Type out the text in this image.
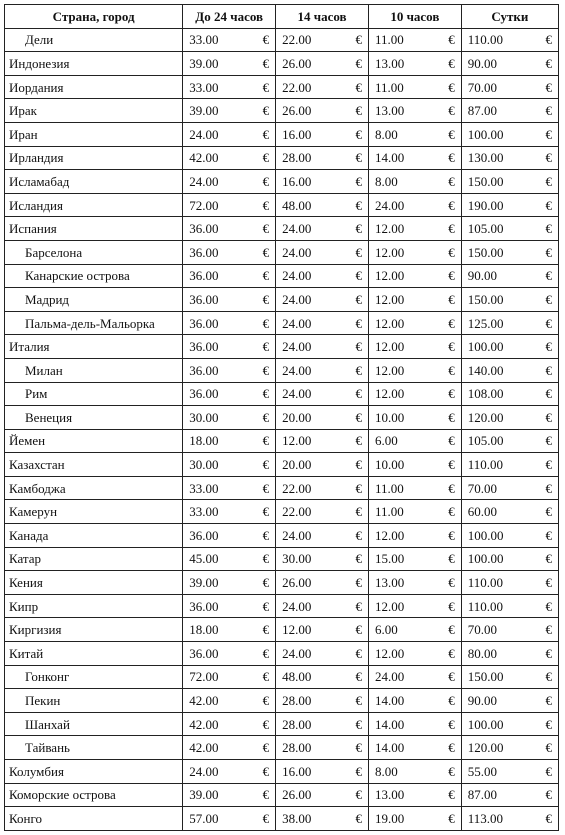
Страна, город	До 24 часов		14 часов		10 часов		Сутки	
Дели	33.00	€	22.00	€	11.00	€	110.00	€
Индонезия	39.00	€	26.00	€	13.00	€	90.00	€
Иордания	33.00	€	22.00	€	11.00	€	70.00	€
Ирак	39.00	€	26.00	€	13.00	€	87.00	€
Иран	24.00	€	16.00	€	8.00	€	100.00	€
Ирландия	42.00	€	28.00	€	14.00	€	130.00	€
Исламабад	24.00	€	16.00	€	8.00	€	150.00	€
Исландия	72.00	€	48.00	€	24.00	€	190.00	€
Испания	36.00	€	24.00	€	12.00	€	105.00	€
Барселона	36.00	€	24.00	€	12.00	€	150.00	€
Канарские острова	36.00	€	24.00	€	12.00	€	90.00	€
Мадрид	36.00	€	24.00	€	12.00	€	150.00	€
Пальма-дель-Мальорка	36.00	€	24.00	€	12.00	€	125.00	€
Италия	36.00	€	24.00	€	12.00	€	100.00	€
Милан	36.00	€	24.00	€	12.00	€	140.00	€
Рим	36.00	€	24.00	€	12.00	€	108.00	€
Венеция	30.00	€	20.00	€	10.00	€	120.00	€
Йемен	18.00	€	12.00	€	6.00	€	105.00	€
Казахстан	30.00	€	20.00	€	10.00	€	110.00	€
Камбоджа	33.00	€	22.00	€	11.00	€	70.00	€
Камерун	33.00	€	22.00	€	11.00	€	60.00	€
Канада	36.00	€	24.00	€	12.00	€	100.00	€
Катар	45.00	€	30.00	€	15.00	€	100.00	€
Кения	39.00	€	26.00	€	13.00	€	110.00	€
Кипр	36.00	€	24.00	€	12.00	€	110.00	€
Киргизия	18.00	€	12.00	€	6.00	€	70.00	€
Китай	36.00	€	24.00	€	12.00	€	80.00	€
Гонконг	72.00	€	48.00	€	24.00	€	150.00	€
Пекин	42.00	€	28.00	€	14.00	€	90.00	€
Шанхай	42.00	€	28.00	€	14.00	€	100.00	€
Тайвань	42.00	€	28.00	€	14.00	€	120.00	€
Колумбия	24.00	€	16.00	€	8.00	€	55.00	€
Коморские острова	39.00	€	26.00	€	13.00	€	87.00	€
Конго	57.00	€	38.00	€	19.00	€	113.00	€
